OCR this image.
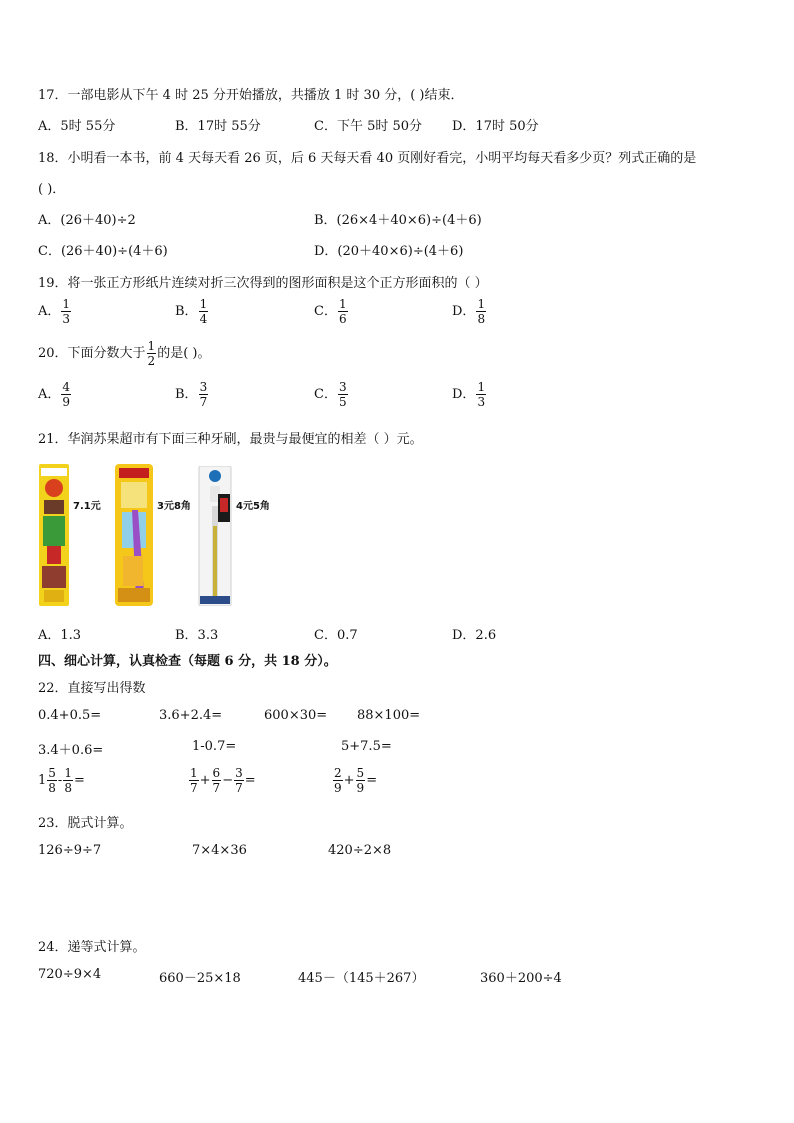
17．一部电影从下午 4 时 25 分开始播放，共播放 1 时 30 分，( )结束．
A．5时 55分	B．17时 55分	C．下午 5时 50分 D．17时 50分
18．小明看一本书，前 4 天每天看 26 页，后 6 天每天看 40 页刚好看完，小明平均每天看多少页？列式正确的是
( )．
A．(26＋40)÷2	B．(26×4＋40×6)÷(4＋6)
C．(26＋40)÷(4＋6)	D．(20＋40×6)÷(4＋6)
19．将一张正方形纸片连续对折三次得到的图形面积是这个正方形面积的（ ）
A． $\frac{1}{3}$	B． $\frac{1}{4}$	C． $\frac{1}{6}$	D． $\frac{1}{8}$
20．下面分数大于 $\frac{1}{2}$ 的是( )。
A． $\frac{4}{9}$	B． $\frac{3}{7}$	C． $\frac{3}{5}$	D． $\frac{1}{3}$
21．华润苏果超市有下面三种牙刷，最贵与最便宜的相差（ ）元。
7.1元	3元8角	4元5角
A．1.3	B．3.3	C．0.7	D．2.6
四、细心计算，认真检查（每题 6 分，共 18 分）。
22．直接写出得数
0.4+0.5=	3.6+2.4=	600×30= 88×100=
3.4＋0.6=	1-0.7=	5+7.5=
$1 \frac{5}{8} - \frac{1}{8}$ =	$\frac{1}{7} + \frac{6}{7} - \frac{3}{7}$ =	$\frac{2}{9} + \frac{5}{9}$ =
23．脱式计算。
126÷9÷7	7×4×36	420÷2×8
24．递等式计算。
720÷9×4	660－25×18	445－（145＋267）	360＋200÷4
